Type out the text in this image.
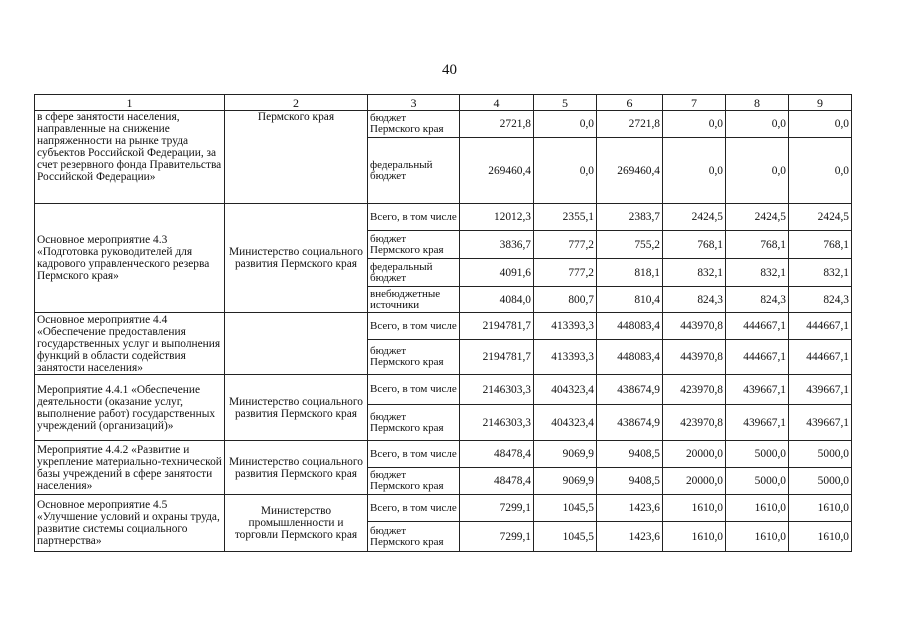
40
1	2	3	4	5	6	7	8	9
в сфере занятости населения, направленные на снижение напряженности на рынке труда субъектов Российской Федерации, за счет резервного фонда Правительства Российской Федерации»	Пермского края	бюджет Пермского края	2721,8	0,0	2721,8	0,0	0,0	0,0
		федеральный бюджет	269460,4	0,0	269460,4	0,0	0,0	0,0
Основное мероприятие 4.3 «Подготовка руководителей для кадрового управленческого резерва Пермского края»	Министерство социального развития Пермского края	Всего, в том числе	12012,3	2355,1	2383,7	2424,5	2424,5	2424,5
		бюджет Пермского края	3836,7	777,2	755,2	768,1	768,1	768,1
		федеральный бюджет	4091,6	777,2	818,1	832,1	832,1	832,1
		внебюджетные источники	4084,0	800,7	810,4	824,3	824,3	824,3
Основное мероприятие 4.4 «Обеспечение предоставления государственных услуг и выполнения функций в области содействия занятости населения»		Всего, в том числе	2194781,7	413393,3	448083,4	443970,8	444667,1	444667,1
		бюджет Пермского края	2194781,7	413393,3	448083,4	443970,8	444667,1	444667,1
Мероприятие 4.4.1 «Обеспечение деятельности (оказание услуг, выполнение работ) государственных учреждений (организаций)»	Министерство социального развития Пермского края	Всего, в том числе	2146303,3	404323,4	438674,9	423970,8	439667,1	439667,1
		бюджет Пермского края	2146303,3	404323,4	438674,9	423970,8	439667,1	439667,1
Мероприятие 4.4.2 «Развитие и укрепление материально-технической базы учреждений в сфере занятости населения»	Министерство социального развития Пермского края	Всего, в том числе	48478,4	9069,9	9408,5	20000,0	5000,0	5000,0
		бюджет Пермского края	48478,4	9069,9	9408,5	20000,0	5000,0	5000,0
Основное мероприятие 4.5 «Улучшение условий и охраны труда, развитие системы социального партнерства»	Министерство промышленности и торговли Пермского края	Всего, в том числе	7299,1	1045,5	1423,6	1610,0	1610,0	1610,0
		бюджет Пермского края	7299,1	1045,5	1423,6	1610,0	1610,0	1610,0
